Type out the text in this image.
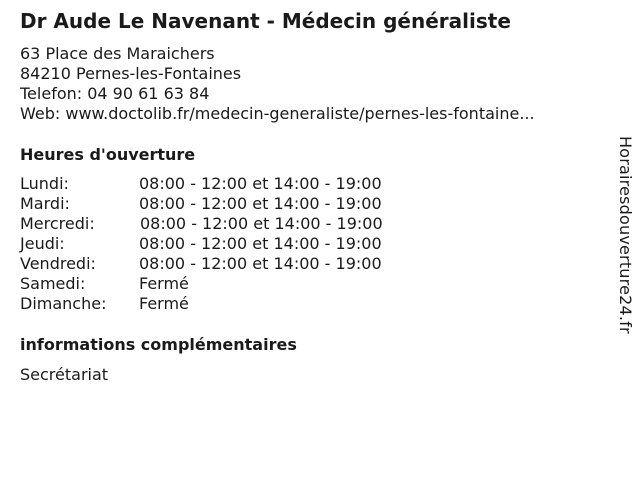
Dr Aude Le Navenant - Médecin généraliste
63 Place des Maraichers
84210 Pernes-les-Fontaines
Telefon: 04 90 61 63 84
Web: www.doctolib.fr/medecin-generaliste/pernes-les-fontaine...
Heures d'ouverture
Lundi:	08:00 - 12:00 et 14:00 - 19:00
Mardi:	08:00 - 12:00 et 14:00 - 19:00
Mercredi:	08:00 - 12:00 et 14:00 - 19:00
Jeudi:	08:00 - 12:00 et 14:00 - 19:00
Vendredi:	08:00 - 12:00 et 14:00 - 19:00
Samedi:	Fermé
Dimanche: Fermé
informations complémentaires
Secrétariat
Horairesdouverture24.fr
